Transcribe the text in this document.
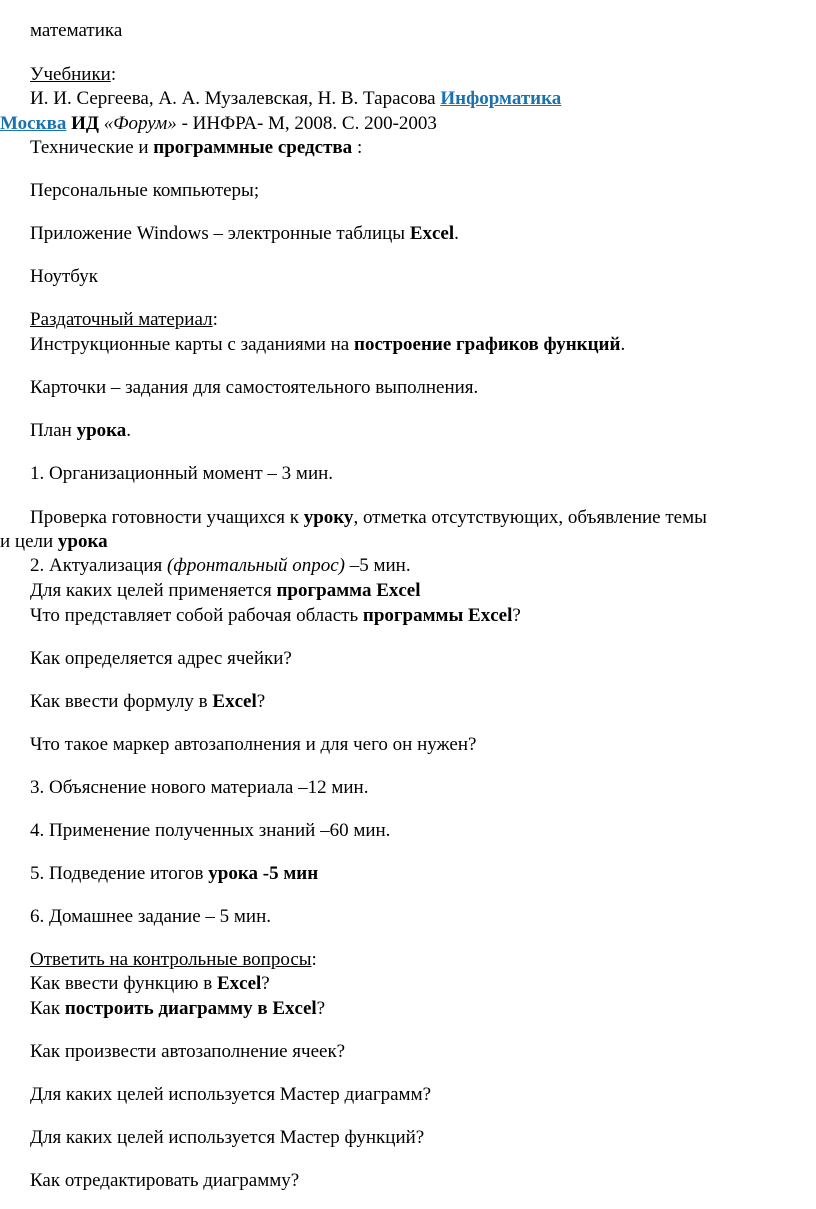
математика
Учебники:
И. И. Сергеева, А. А. Музалевская, Н. В. Тарасова Информатика
Москва ИД «Форум» - ИНФРА- М, 2008. С. 200-2003
Технические и программные средства :
Персональные компьютеры;
Приложение Windows – электронные таблицы Excel.
Ноутбук
Раздаточный материал:
Инструкционные карты с заданиями на построение графиков функций.
Карточки – задания для самостоятельного выполнения.
План урока.
1. Организационный момент – 3 мин.
Проверка готовности учащихся к уроку, отметка отсутствующих, объявление темы
и цели урока
2. Актуализация (фронтальный опрос) –5 мин.
Для каких целей применяется программа Excel
Что представляет собой рабочая область программы Excel?
Как определяется адрес ячейки?
Как ввести формулу в Excel?
Что такое маркер автозаполнения и для чего он нужен?
3. Объяснение нового материала –12 мин.
4. Применение полученных знаний –60 мин.
5. Подведение итогов урока -5 мин
6. Домашнее задание – 5 мин.
Ответить на контрольные вопросы:
Как ввести функцию в Excel?
Как построить диаграмму в Excel?
Как произвести автозаполнение ячеек?
Для каких целей используется Мастер диаграмм?
Для каких целей используется Мастер функций?
Как отредактировать диаграмму?
